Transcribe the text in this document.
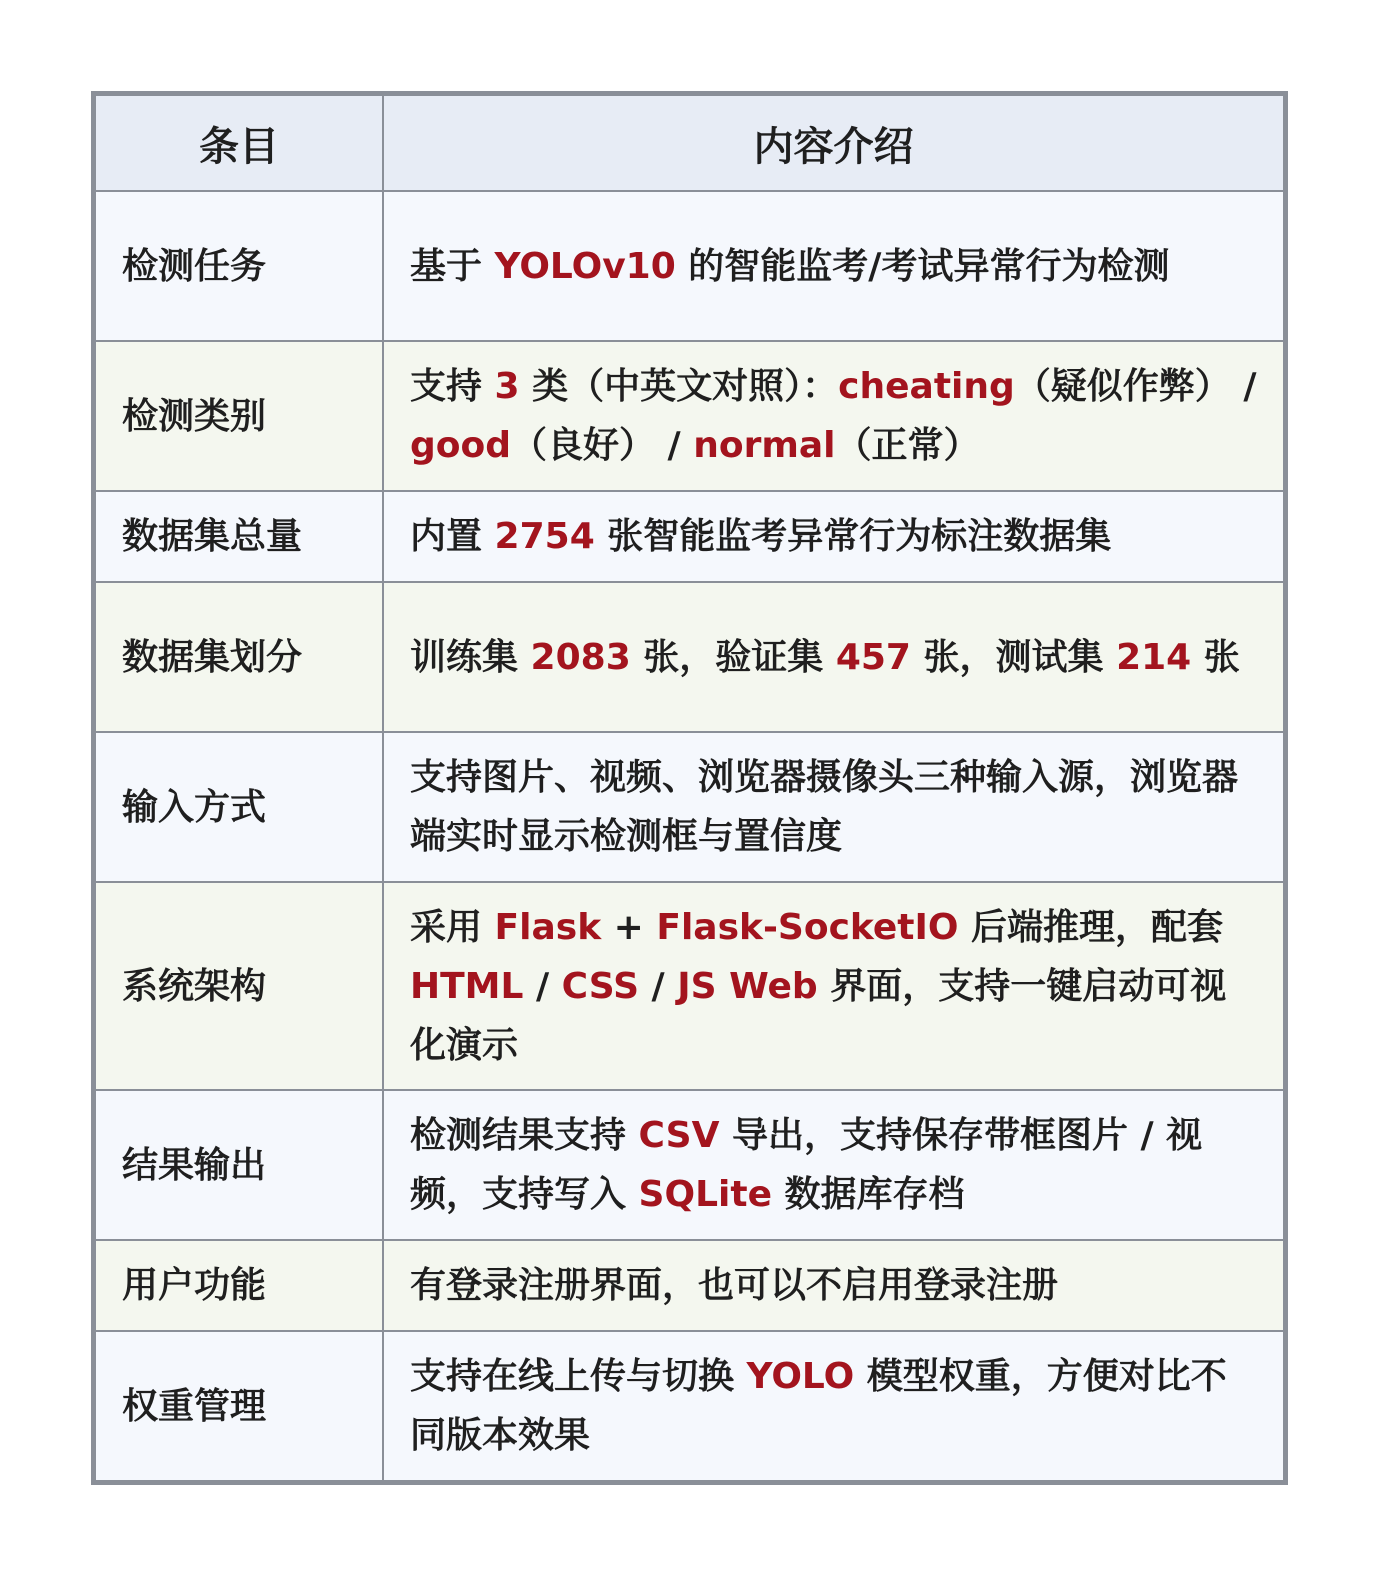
条目	内容介绍
检测任务	基于 YOLOv10 的智能监考/考试异常行为检测
检测类别	支持 3 类（中英文对照）：cheating（疑似作弊） / good（良好） / normal（正常）
数据集总量	内置 2754 张智能监考异常行为标注数据集
数据集划分	训练集 2083 张，验证集 457 张，测试集 214 张
输入方式	支持图片、视频、浏览器摄像头三种输入源，浏览器端实时显示检测框与置信度
系统架构	采用 Flask + Flask-SocketIO 后端推理，配套 HTML / CSS / JS Web 界面，支持一键启动可视化演示
结果输出	检测结果支持 CSV 导出，支持保存带框图片 / 视频，支持写入 SQLite 数据库存档
用户功能	有登录注册界面，也可以不启用登录注册
权重管理	支持在线上传与切换 YOLO 模型权重，方便对比不同版本效果
